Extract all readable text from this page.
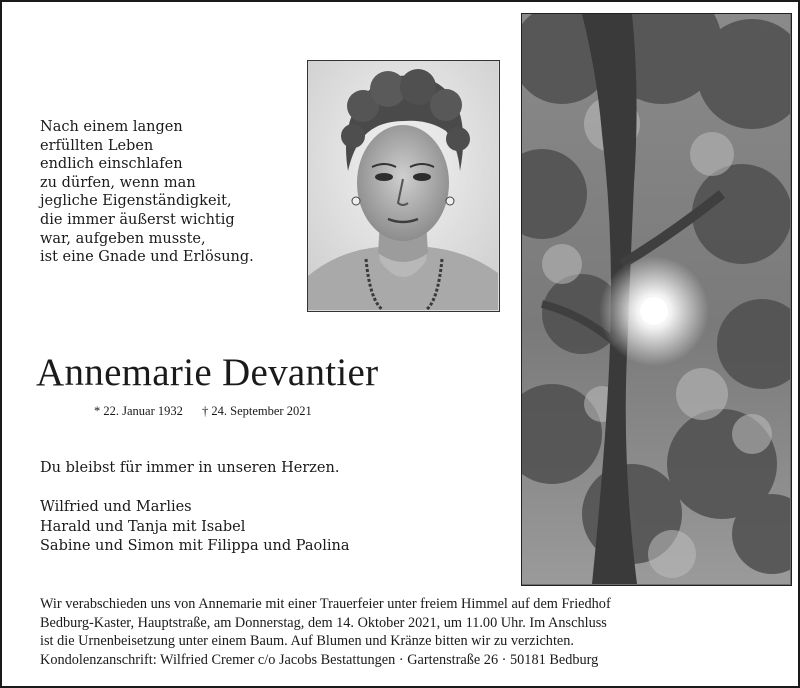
Nach einem langen
erfüllten Leben
endlich einschlafen
zu dürfen, wenn man
jegliche Eigenständigkeit,
die immer äußerst wichtig
war, aufgeben musste,
ist eine Gnade und Erlösung.
Annemarie Devantier
* 22. Januar 1932 † 24. September 2021
Du bleibst für immer in unseren Herzen.
Wilfried und Marlies
Harald und Tanja mit Isabel
Sabine und Simon mit Filippa und Paolina
Wir verabschieden uns von Annemarie mit einer Trauerfeier unter freiem Himmel auf dem Friedhof
Bedburg-Kaster, Hauptstraße, am Donnerstag, dem 14. Oktober 2021, um 11.00 Uhr. Im Anschluss
ist die Urnenbeisetzung unter einem Baum. Auf Blumen und Kränze bitten wir zu verzichten.
Kondolenzanschrift: Wilfried Cremer c/o Jacobs Bestattungen · Gartenstraße 26 · 50181 Bedburg
